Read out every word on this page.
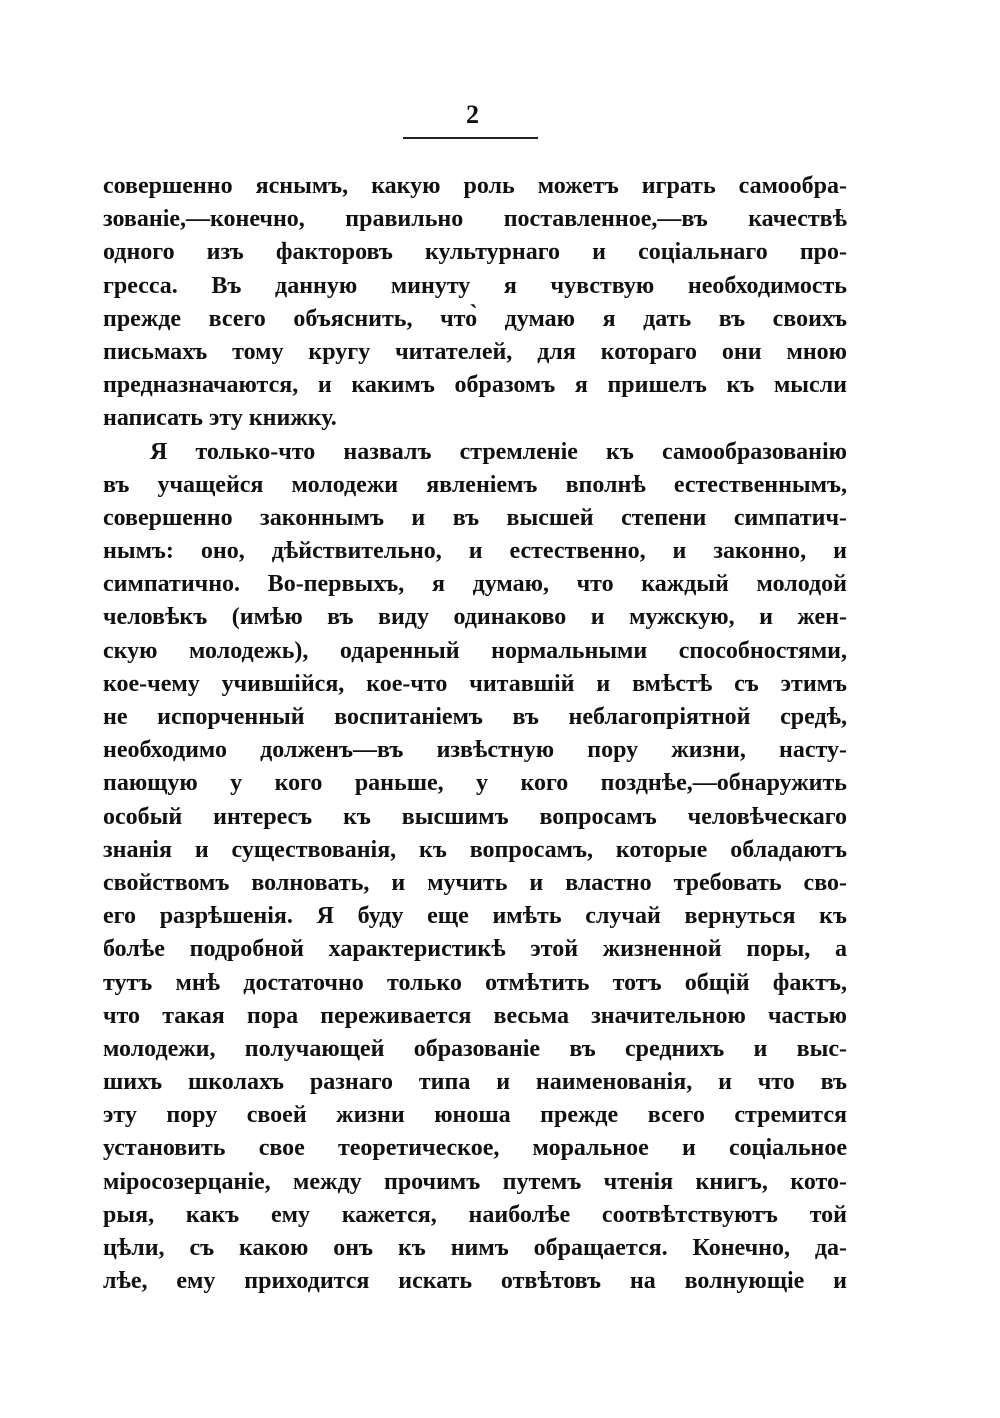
2
совершенно яснымъ, какую роль можетъ играть самообра-
зованіе,—конечно, правильно поставленное,—въ качествѣ
одного изъ факторовъ культурнаго и соціальнаго про-
гресса. Въ данную минуту я чувствую необходимость
прежде всего объяснить, что̀ думаю я дать въ своихъ
письмахъ тому кругу читателей, для котораго они мною
предназначаются, и какимъ образомъ я пришелъ къ мысли
написать эту книжку.
Я только-что назвалъ стремленіе къ самообразованію
въ учащейся молодежи явленіемъ вполнѣ естественнымъ,
совершенно законнымъ и въ высшей степени симпатич-
нымъ: оно, дѣйствительно, и естественно, и законно, и
симпатично. Во-первыхъ, я думаю, что каждый молодой
человѣкъ (имѣю въ виду одинаково и мужскую, и жен-
скую молодежь), одаренный нормальными способностями,
кое-чему учившійся, кое-что читавшій и вмѣстѣ съ этимъ
не испорченный воспитаніемъ въ неблагопріятной средѣ,
необходимо долженъ—въ извѣстную пору жизни, насту-
пающую у кого раньше, у кого позднѣе,—обнаружить
особый интересъ къ высшимъ вопросамъ человѣческаго
знанія и существованія, къ вопросамъ, которые обладаютъ
свойствомъ волновать, и мучить и властно требовать сво-
его разрѣшенія. Я буду еще имѣть случай вернуться къ
болѣе подробной характеристикѣ этой жизненной поры, а
тутъ мнѣ достаточно только отмѣтить тотъ общій фактъ,
что такая пора переживается весьма значительною частью
молодежи, получающей образованіе въ среднихъ и выс-
шихъ школахъ разнаго типа и наименованія, и что въ
эту пору своей жизни юноша прежде всего стремится
установить свое теоретическое, моральное и соціальное
міросозерцаніе, между прочимъ путемъ чтенія книгъ, кото-
рыя, какъ ему кажется, наиболѣе соотвѣтствуютъ той
цѣли, съ какою онъ къ нимъ обращается. Конечно, да-
лѣе, ему приходится искать отвѣтовъ на волнующіе и
